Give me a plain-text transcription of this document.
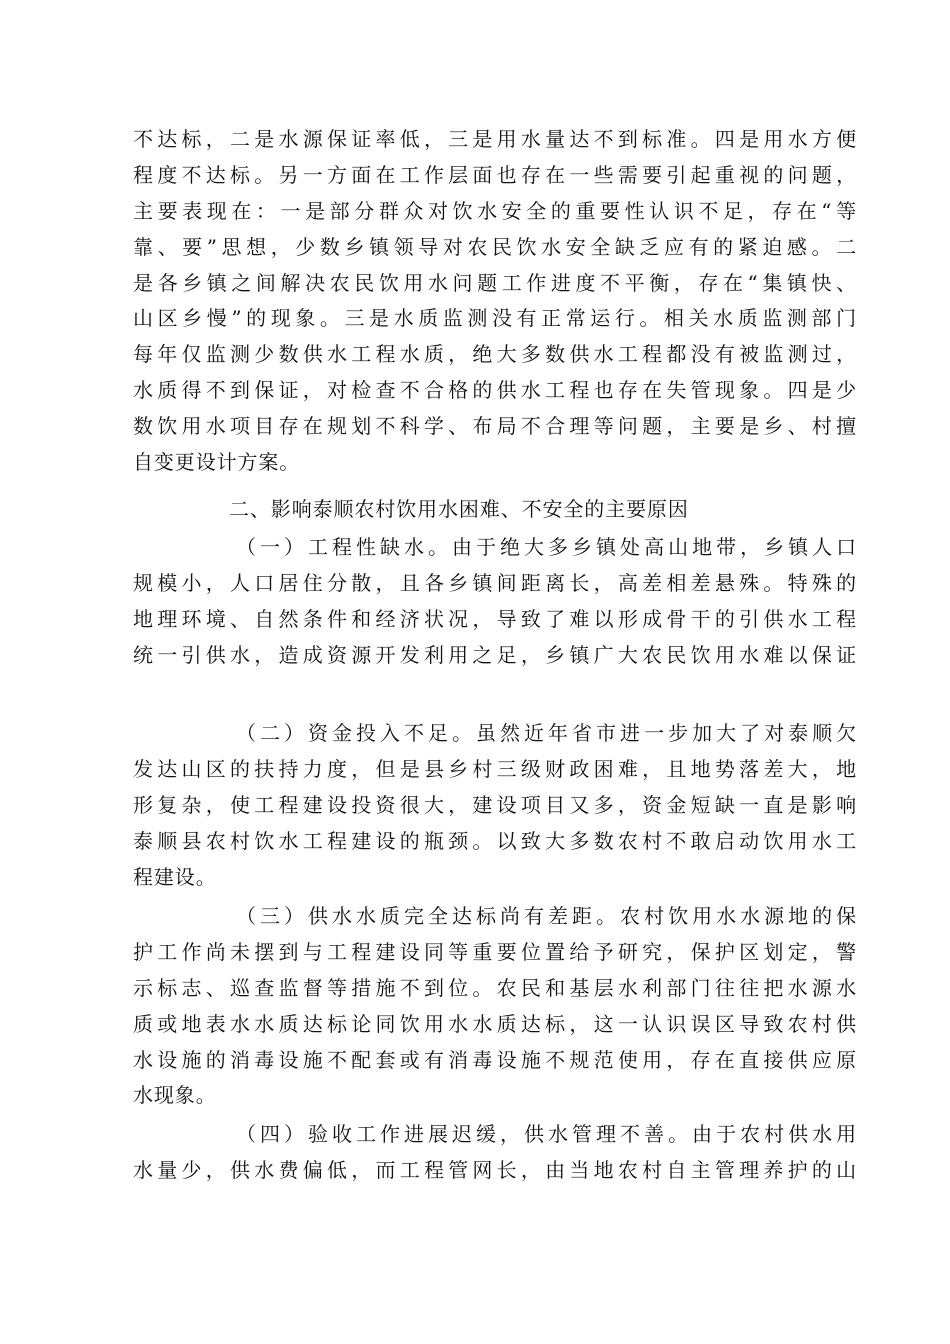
不达标，二是水源保证率低，三是用水量达不到标准。四是用水方便
程度不达标。另一方面在工作层面也存在一些需要引起重视的问题，
主要表现在：一是部分群众对饮水安全的重要性认识不足，存在“等
靠、要”思想，少数乡镇领导对农民饮水安全缺乏应有的紧迫感。二
是各乡镇之间解决农民饮用水问题工作进度不平衡，存在“集镇快、
山区乡慢”的现象。三是水质监测没有正常运行。相关水质监测部门
每年仅监测少数供水工程水质，绝大多数供水工程都没有被监测过，
水质得不到保证，对检查不合格的供水工程也存在失管现象。四是少
数饮用水项目存在规划不科学、布局不合理等问题，主要是乡、村擅
自变更设计方案。
二、影响泰顺农村饮用水困难、不安全的主要原因
（一）工程性缺水。由于绝大多乡镇处高山地带，乡镇人口
规模小，人口居住分散，且各乡镇间距离长，高差相差悬殊。特殊的
地理环境、自然条件和经济状况，导致了难以形成骨干的引供水工程
统一引供水，造成资源开发利用之足，乡镇广大农民饮用水难以保证
（二）资金投入不足。虽然近年省市进一步加大了对泰顺欠
发达山区的扶持力度，但是县乡村三级财政困难，且地势落差大，地
形复杂，使工程建设投资很大，建设项目又多，资金短缺一直是影响
泰顺县农村饮水工程建设的瓶颈。以致大多数农村不敢启动饮用水工
程建设。
（三）供水水质完全达标尚有差距。农村饮用水水源地的保
护工作尚未摆到与工程建设同等重要位置给予研究，保护区划定，警
示标志、巡查监督等措施不到位。农民和基层水利部门往往把水源水
质或地表水水质达标论同饮用水水质达标，这一认识误区导致农村供
水设施的消毒设施不配套或有消毒设施不规范使用，存在直接供应原
水现象。
（四）验收工作进展迟缓，供水管理不善。由于农村供水用
水量少，供水费偏低，而工程管网长，由当地农村自主管理养护的山
